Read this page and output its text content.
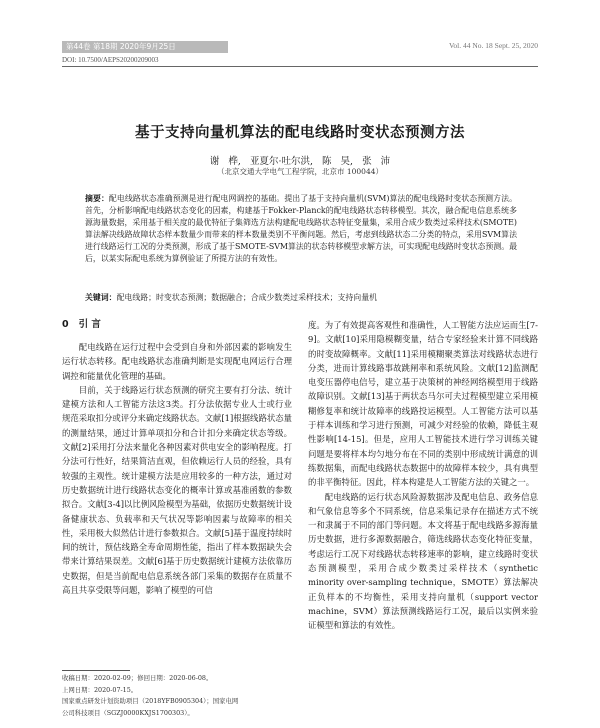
第44卷 第18期 2020年9月25日	Vol. 44 No. 18 Sept. 25, 2020
DOI: 10.7500/AEPS20200209003
基于支持向量机算法的配电线路时变状态预测方法
谢 桦, 亚夏尔·吐尔洪, 陈 昊, 张 沛
（北京交通大学电气工程学院，北京市 100044）
摘要：配电线路状态准确预测是进行配电网调控的基础。提出了基于支持向量机(SVM)算法的配电线路时变状态预测方法。首先，分析影响配电线路状态变化的因素，构建基于Fokker-Planck的配电线路状态转移模型。其次，融合配电信息系统多源海量数据，采用基于相关度的最优特征子集筛选方法构建配电线路状态特征变量集，采用合成少数类过采样技术(SMOTE)算法解决线路故障状态样本数量少而带来的样本数量类别不平衡问题。然后，考虑到线路状态二分类的特点，采用SVM算法进行线路运行工况的分类预测，形成了基于SMOTE-SVM算法的状态转移模型求解方法，可实现配电线路时变状态预测。最后，以某实际配电系统为算例验证了所提方法的有效性。
关键词：配电线路；时变状态预测；数据融合；合成少数类过采样技术；支持向量机
0 引 言

配电线路在运行过程中会受到自身和外部因素的影响发生运行状态转移。配电线路状态准确判断是实现配电网运行合理调控和能量优化管理的基础。

目前，关于线路运行状态预测的研究主要有打分法、统计建模方法和人工智能方法这3类。打分法依据专业人士或行业规范采取扣分或评分来确定线路状态。文献[1]根据线路状态量的测量结果，通过计算单项扣分和合计扣分来确定状态等级。文献[2]采用打分法来量化各种因素对供电安全的影响程度。打分法可行性好，结果简洁直观，但依赖运行人员的经验，具有较强的主观性。统计建模方法是应用较多的一种方法，通过对历史数据统计进行线路状态变化的概率计算或基准函数的参数拟合。文献[3-4]以比例风险模型为基础，依据历史数据统计设备健康状态、负载率和天气状况等影响因素与故障率的相关性，采用极大似然估计进行参数拟合。文献[5]基于温度持续时间的统计，预估线路全寿命周期性能，指出了样本数据缺失会带来计算结果误差。文献[6]基于历史数据统计建模方法依靠历史数据，但是当前配电信息系统各部门采集的数据存在质量不高且共享受限等问题，影响了模型的可信

度。为了有效提高客观性和准确性，人工智能方法应运而生[7-9]。文献[10]采用隐模糊变量，结合专家经验来计算不同线路的时变故障概率。文献[11]采用模糊聚类算法对线路状态进行分类，进而计算线路事故跳闸率和系统风险。文献[12]监测配电变压器停电信号，建立基于决策树的神经网络模型用于线路故障识别。文献[13]基于两状态马尔可夫过程模型建立采用模糊修复率和统计故障率的线路投运模型。人工智能方法可以基于样本训练和学习进行预测，可减少对经验的依赖，降低主观性影响[14-15]。但是，应用人工智能技术进行学习训练关键问题是要将样本均匀地分布在不同的类别中形成统计满意的训练数据集，而配电线路状态数据中的故障样本较少，具有典型的非平衡特征。因此，样本构建是人工智能方法的关键之一。

配电线路的运行状态风险源数据涉及配电信息、政务信息和气象信息等多个不同系统，信息采集记录存在描述方式不统一和隶属于不同的部门等问题。本文将基于配电线路多源海量历史数据，进行多源数据融合，筛选线路状态变化特征变量，考虑运行工况下对线路状态转移速率的影响，建立线路时变状态预测模型，采用合成少数类过采样技术（synthetic minority over-sampling technique，SMOTE）算法解决正负样本的不均衡性，采用支持向量机（support vector machine，SVM）算法预测线路运行工况，最后以实例来验证模型和算法的有效性。

收稿日期：2020-02-09；修回日期：2020-06-08。
上网日期：2020-07-15。
国家重点研发计划资助项目（2018YFB0905304）；国家电网
公司科技项目（SGZJ0000KXJS1700303）。
